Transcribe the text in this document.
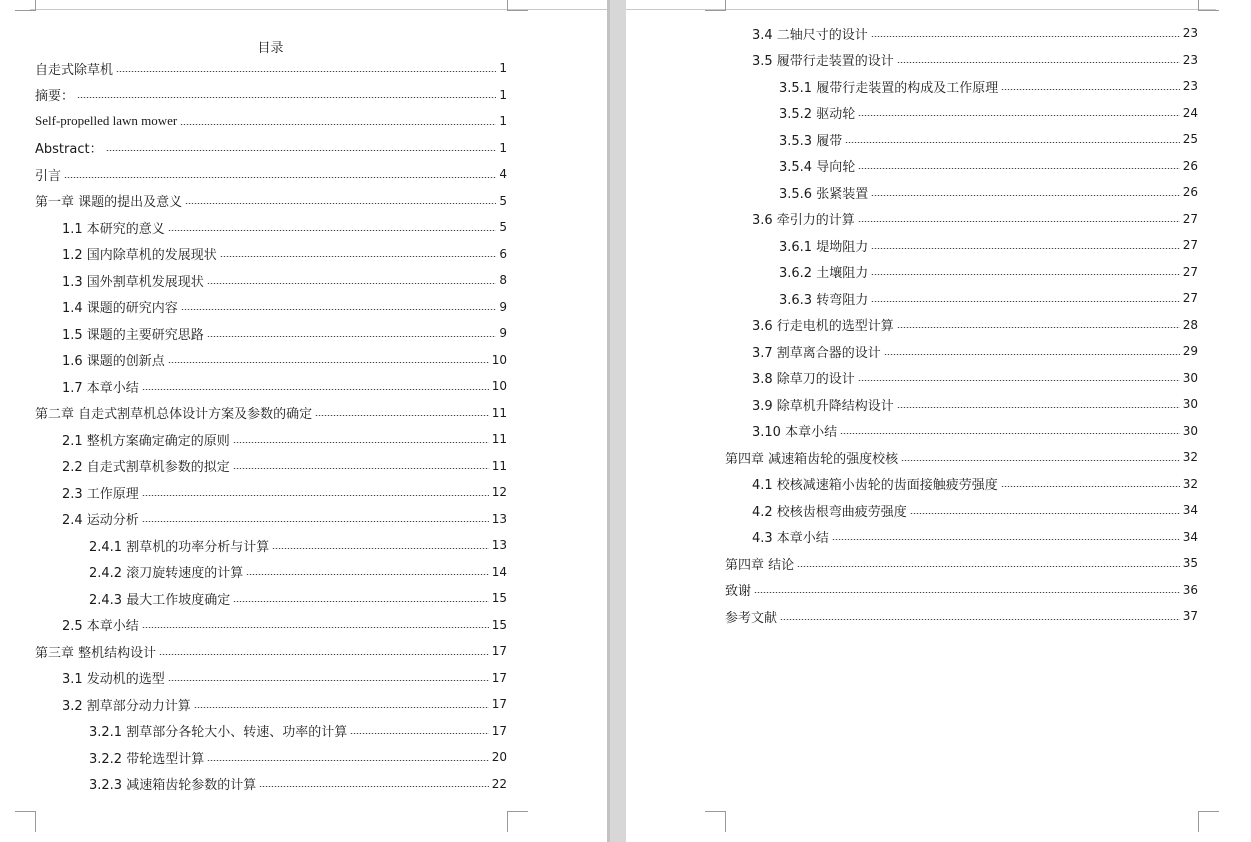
目录
自走式除草机	1
摘要：	1
Self-propelled lawn mower	1
Abstract：	1
引言	4
第一章 课题的提出及意义	5
1.1 本研究的意义	5
1.2 国内除草机的发展现状	6
1.3 国外割草机发展现状	8
1.4 课题的研究内容	9
1.5 课题的主要研究思路	9
1.6 课题的创新点	10
1.7 本章小结	10
第二章 自走式割草机总体设计方案及参数的确定	11
2.1 整机方案确定确定的原则	11
2.2 自走式割草机参数的拟定	11
2.3 工作原理	12
2.4 运动分析	13
2.4.1 割草机的功率分析与计算	13
2.4.2 滚刀旋转速度的计算	14
2.4.3 最大工作坡度确定	15
2.5 本章小结	15
第三章 整机结构设计	17
3.1 发动机的选型	17
3.2 割草部分动力计算	17
3.2.1 割草部分各轮大小、转速、功率的计算	17
3.2.2 带轮选型计算	20
3.2.3 减速箱齿轮参数的计算	22
3.4 二轴尺寸的设计	23
3.5 履带行走装置的设计	23
3.5.1 履带行走装置的构成及工作原理	23
3.5.2 驱动轮	24
3.5.3 履带	25
3.5.4 导向轮	26
3.5.6 张紧装置	26
3.6 牵引力的计算	27
3.6.1 堤坳阻力	27
3.6.2 土壤阻力	27
3.6.3 转弯阻力	27
3.6 行走电机的选型计算	28
3.7 割草离合器的设计	29
3.8 除草刀的设计	30
3.9 除草机升降结构设计	30
3.10 本章小结	30
第四章 减速箱齿轮的强度校核	32
4.1 校核减速箱小齿轮的齿面接触疲劳强度	32
4.2 校核齿根弯曲疲劳强度	34
4.3 本章小结	34
第四章 结论	35
致谢	36
参考文献	37
